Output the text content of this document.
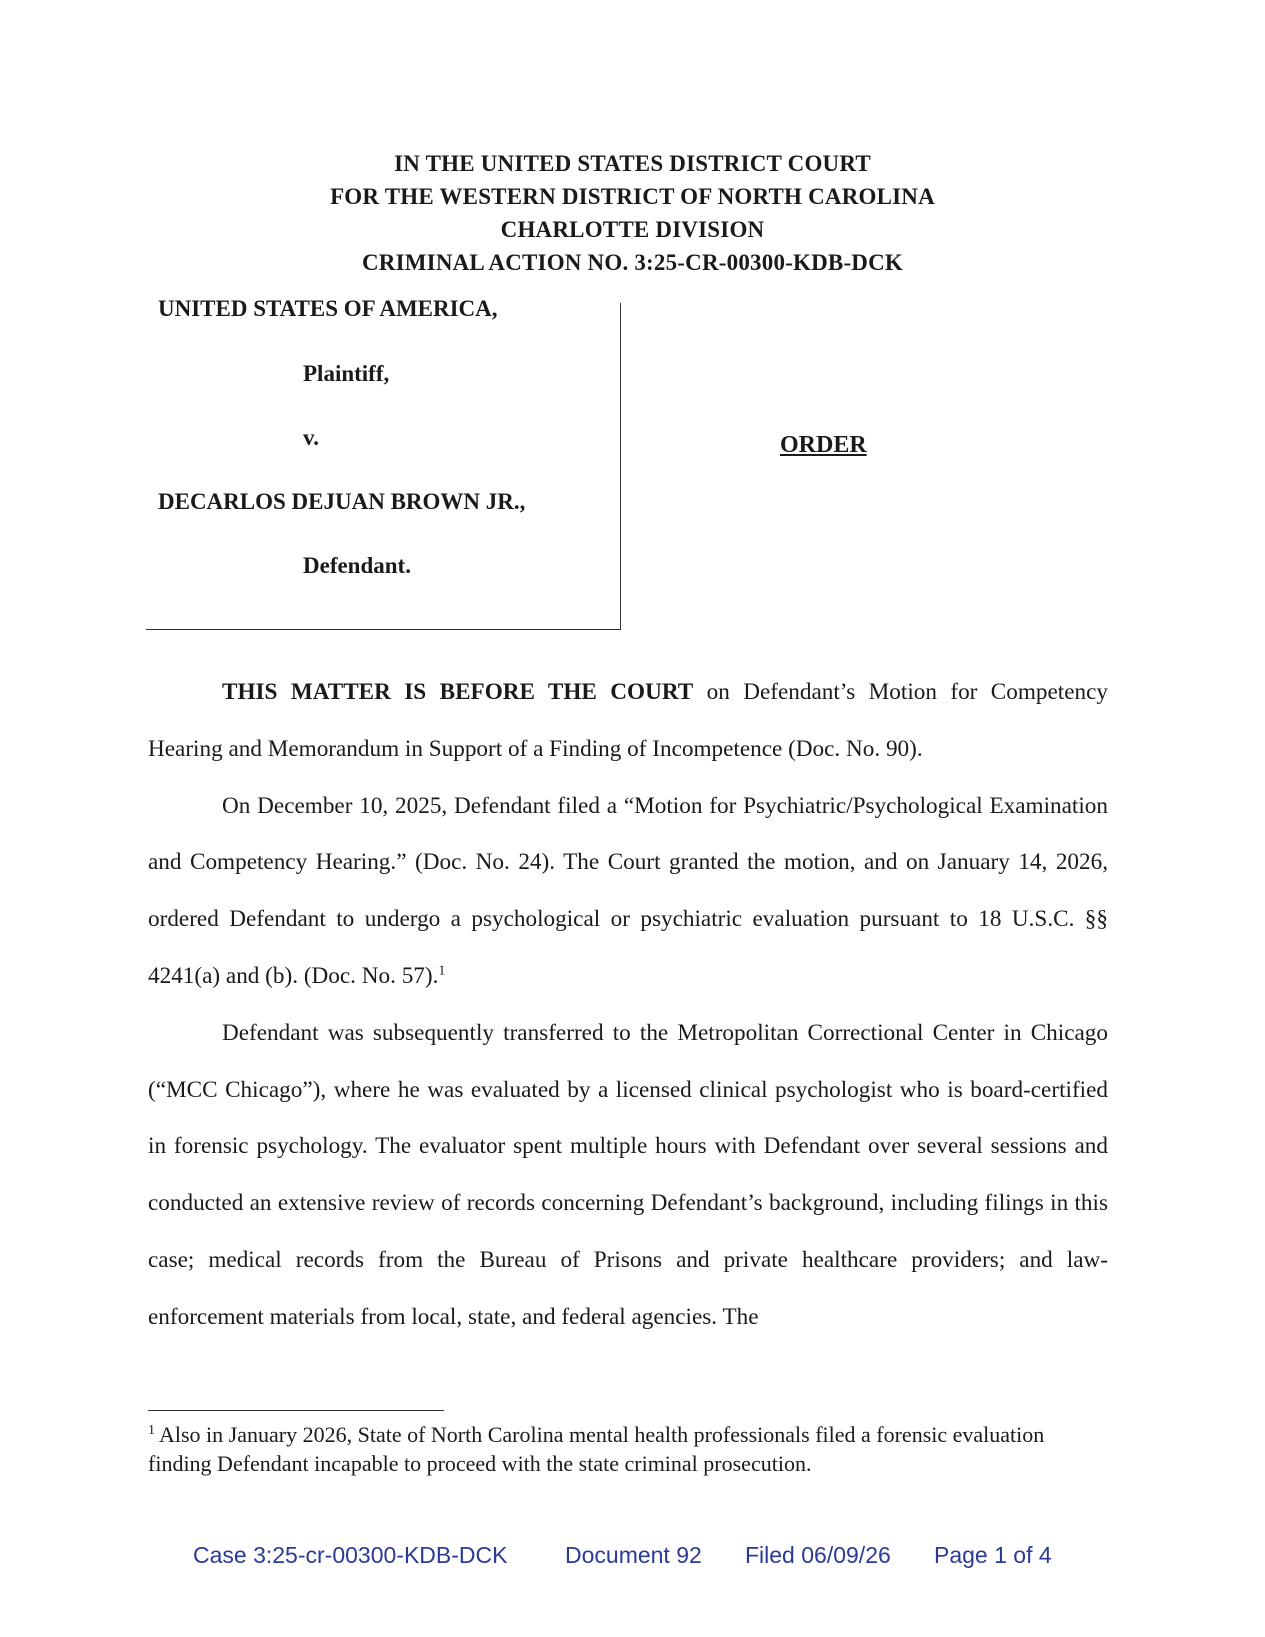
IN THE UNITED STATES DISTRICT COURT
FOR THE WESTERN DISTRICT OF NORTH CAROLINA
CHARLOTTE DIVISION
CRIMINAL ACTION NO. 3:25-CR-00300-KDB-DCK
UNITED STATES OF AMERICA,
Plaintiff,
v.
DECARLOS DEJUAN BROWN JR.,
Defendant.
ORDER

THIS MATTER IS BEFORE THE COURT on Defendant’s Motion for Competency Hearing and Memorandum in Support of a Finding of Incompetence (Doc. No. 90).

On December 10, 2025, Defendant filed a “Motion for Psychiatric/Psychological Examination and Competency Hearing.” (Doc. No. 24). The Court granted the motion, and on January 14, 2026, ordered Defendant to undergo a psychological or psychiatric evaluation pursuant to 18 U.S.C. §§ 4241(a) and (b). (Doc. No. 57).$^1$

Defendant was subsequently transferred to the Metropolitan Correctional Center in Chicago (“MCC Chicago”), where he was evaluated by a licensed clinical psychologist who is board-certified in forensic psychology. The evaluator spent multiple hours with Defendant over several sessions and conducted an extensive review of records concerning Defendant’s background, including filings in this case; medical records from the Bureau of Prisons and private healthcare providers; and law-enforcement materials from local, state, and federal agencies. The

$^1$ Also in January 2026, State of North Carolina mental health professionals filed a forensic evaluation finding Defendant incapable to proceed with the state criminal prosecution.
Case 3:25-cr-00300-KDB-DCK	Document 92 Filed 06/09/26 Page 1 of 4
